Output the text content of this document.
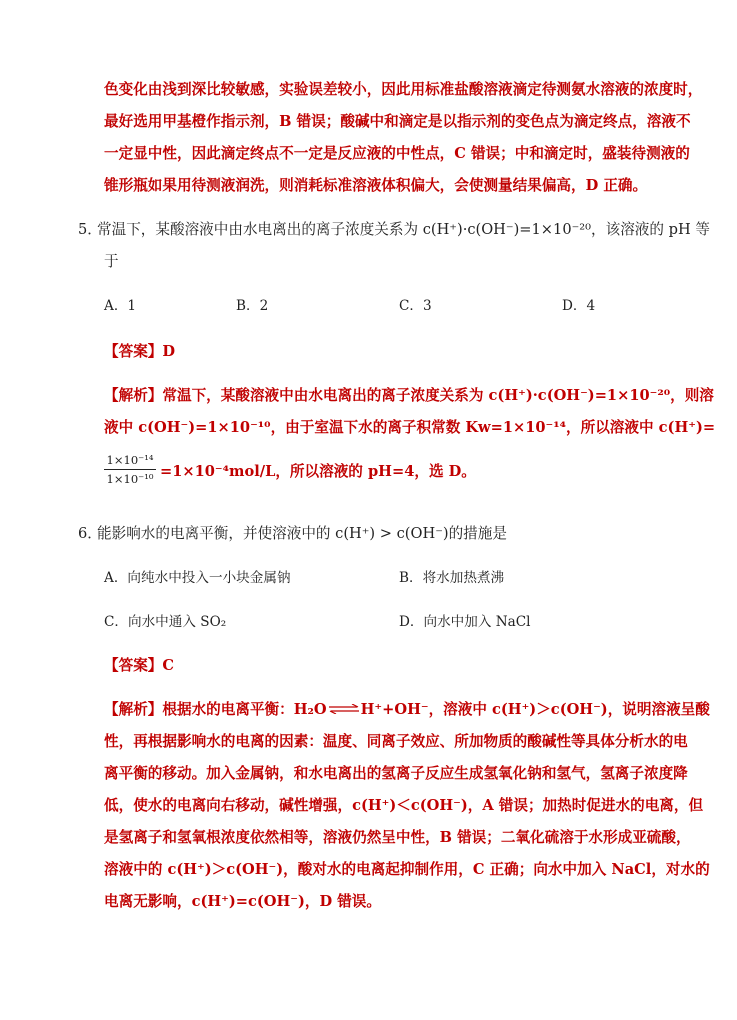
色变化由浅到深比较敏感，实验误差较小，因此用标准盐酸溶液滴定待测氨水溶液的浓度时，
最好选用甲基橙作指示剂，B 错误；酸碱中和滴定是以指示剂的变色点为滴定终点，溶液不
一定显中性，因此滴定终点不一定是反应液的中性点，C 错误；中和滴定时，盛装待测液的
锥形瓶如果用待测液润洗，则消耗标准溶液体积偏大，会使测量结果偏高，D 正确。
5．
常温下，某酸溶液中由水电离出的离子浓度关系为 c(H⁺)·c(OH⁻)=1×10⁻²⁰，该溶液的 pH 等
于
A．1	B．2	C．3	D．4
【答案】D
【解析】常温下，某酸溶液中由水电离出的离子浓度关系为 c(H⁺)·c(OH⁻)=1×10⁻²⁰，则溶
液中 c(OH⁻)=1×10⁻¹⁰，由于室温下水的离子积常数 Kw=1×10⁻¹⁴，所以溶液中 c(H⁺)=
1×10⁻¹⁴
1×10⁻¹⁰ =1×10⁻⁴mol/L，所以溶液的 pH=4，选 D。
6．
能影响水的电离平衡，并使溶液中的 c(H⁺) > c(OH⁻)的措施是
A．向纯水中投入一小块金属钠	B．将水加热煮沸
C．向水中通入 SO₂	D．向水中加入 NaCl
【答案】C
【解析】根据水的电离平衡：H₂O⇌H⁺+OH⁻，溶液中 c(H⁺)＞c(OH⁻)，说明溶液呈酸
性，再根据影响水的电离的因素：温度、同离子效应、所加物质的酸碱性等具体分析水的电
离平衡的移动。加入金属钠，和水电离出的氢离子反应生成氢氧化钠和氢气，氢离子浓度降
低，使水的电离向右移动，碱性增强，c(H⁺)＜c(OH⁻)，A 错误；加热时促进水的电离，但
是氢离子和氢氧根浓度依然相等，溶液仍然呈中性，B 错误；二氧化硫溶于水形成亚硫酸，
溶液中的 c(H⁺)＞c(OH⁻)，酸对水的电离起抑制作用，C 正确；向水中加入 NaCl，对水的
电离无影响，c(H⁺)=c(OH⁻)，D 错误。
